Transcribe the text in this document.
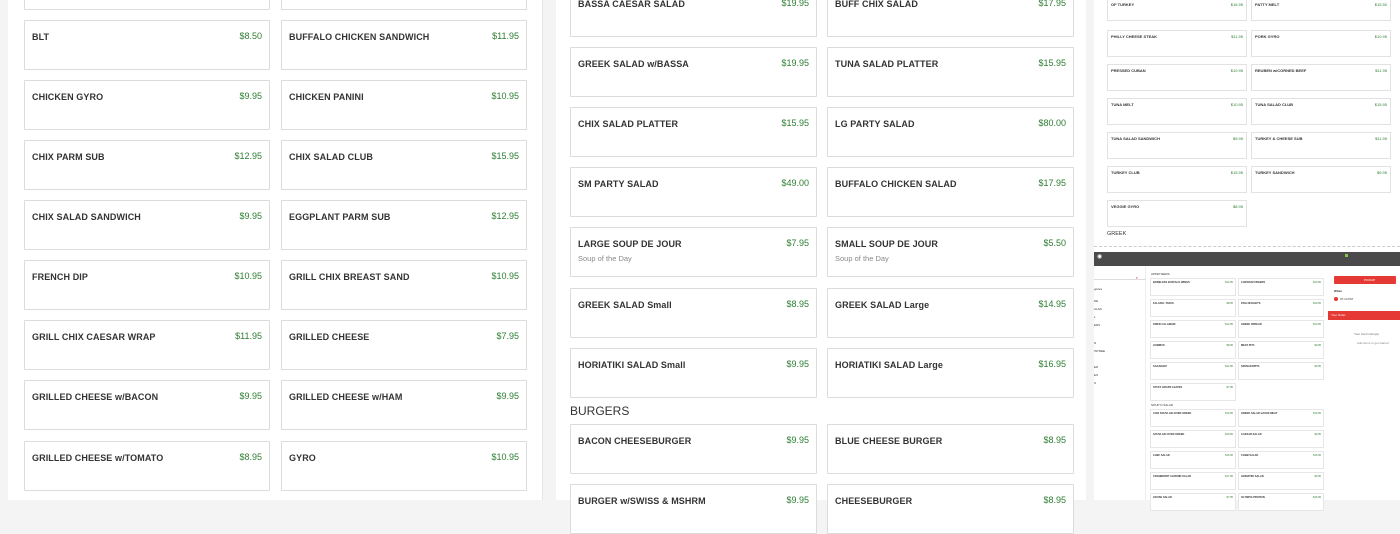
BLT	$8.50	BUFFALO CHICKEN SANDWICH	$11.95
CHICKEN GYRO	$9.95	CHICKEN PANINI	$10.95
CHIX PARM SUB	$12.95	CHIX SALAD CLUB	$15.95
CHIX SALAD SANDWICH	$9.95	EGGPLANT PARM SUB	$12.95
FRENCH DIP	$10.95	GRILL CHIX BREAST SAND	$10.95
GRILL CHIX CAESAR WRAP	$11.95	GRILLED CHEESE	$7.95
GRILLED CHEESE w/BACON	$9.95	GRILLED CHEESE w/HAM	$9.95
GRILLED CHEESE w/TOMATO	$8.95	GYRO	$10.95
BASSA CAESAR SALAD	$19.95	BUFF CHIX SALAD	$17.95
GREEK SALAD w/BASSA	$19.95	TUNA SALAD PLATTER	$15.95
CHIX SALAD PLATTER	$15.95	LG PARTY SALAD	$80.00
SM PARTY SALAD	$49.00	BUFFALO CHICKEN SALAD	$17.95
LARGE SOUP DE JOUR	$7.95
Soup of the Day
SMALL SOUP DE JOUR	$5.50
Soup of the Day
GREEK SALAD Small	$8.95	GREEK SALAD Large	$14.95
HORIATIKI SALAD Small	$9.95	HORIATIKI SALAD Large	$16.95
BURGERS
BACON CHEESEBURGER	$9.95	BLUE CHEESE BURGER	$8.95
BURGER w/SWISS & MSHRM	$9.95	CHEESEBURGER	$8.95
OF TURKEY	$16.95	PATTY MELT	$15.50
PHILLY CHEESE STEAK	$11.95	PORK GYRO	$10.95
PRESSED CUBAN	$10.95	REUBEN w/CORNED BEEF	$11.95
TUNA MELT	$10.95	TUNA SALAD CLUB	$15.95
TUNA SALAD SANDWICH	$9.95	TURKEY & CHEESE SUB	$11.95
TURKEY CLUB	$15.95	TURKEY SANDWICH	$9.95
VEGGIE GYRO	$8.95
GREEK
◉
⌕
gories
DE
ALAD
L
ERS
N
INTREE
ED
ES
S
APPETIZERS
BONELESS BUFFALO WINGS	$12.95	CHICKEN FINGERS	$10.95
FALAFEL TAPAS	$8.95	FISH NUGGETS	$10.95
FRIED CALAMARI	$12.95	GREEK SPREAD	$10.95
HUMMUS	$8.95	MEZZ PITA	$9.95
SAGANAKI	$12.95	SPANAKOPITA	$9.95
STUFF GRAPE LEAVES	$7.95
SOUP N SALAD
CHIX SOUVLAKI OVER GREEK	$19.95	GREEK SALAD w/CHIX MEAT	$19.95
SOUVLAKI OVER GREEK	$19.95	CAESAR SALAD	$9.95
CHEF SALAD	$15.95	COBB SALAD	$15.95
CRANBERRY ALMOND SALAD	$17.95	HORIATIKI SALAD	$9.95
HOUSE SALAD	$7.95	OLYMPIA PROTEIN	$15.95
PICKUP
When
07:13 PM
Your Order
Your Cart is Empty
Add items to get started
